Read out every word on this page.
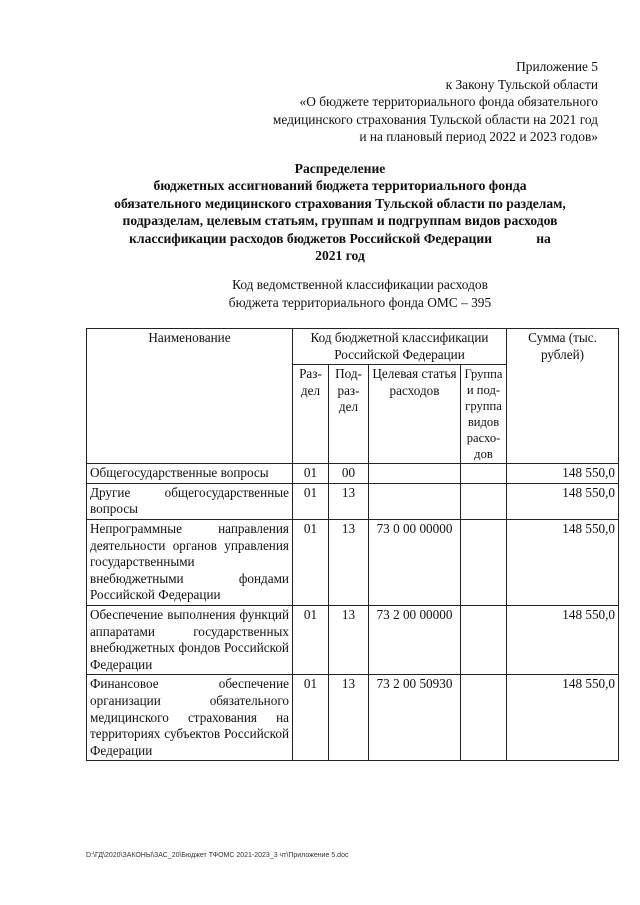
Приложение 5
к Закону Тульской области
«О бюджете территориального фонда обязательного
медицинского страхования Тульской области на 2021 год
и на плановый период 2022 и 2023 годов»
Распределение
бюджетных ассигнований бюджета территориального фонда
обязательного медицинского страхования Тульской области по разделам,
подразделам, целевым статьям, группам и подгруппам видов расходов
классификации расходов бюджетов Российской Федерации             на
2021 год
Код ведомственной классификации расходов
бюджета территориального фонда ОМС – 395
Наименование	Код бюджетной классификации Российской Федерации				Сумма (тыс. рублей)
	Раз-дел	Под-раз-дел	Целевая статья расходов	Группа и под-группа видов расхо-дов	
Общегосударственные вопросы	01	00			148 550,0
Другие общегосударственные вопросы	01	13			148 550,0
Непрограммные направления деятельности органов управления государственными внебюджетными фондами Российской Федерации	01	13	73 0 00 00000		148 550,0
Обеспечение выполнения функций аппаратами государственных внебюджетных фондов Российской Федерации	01	13	73 2 00 00000		148 550,0
Финансовое обеспечение организации обязательного медицинского страхования на территориях субъектов Российской Федерации	01	13	73 2 00 50930		148 550,0
D:\ГД\2020\ЗАКОНЫ\ЗАС_20\Бюджет ТФОМС 2021-2023_3 чт\Приложение 5.doc
